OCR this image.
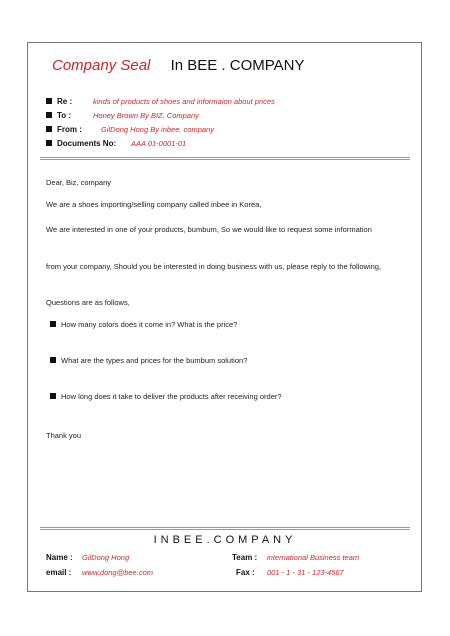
Company Seal In BEE . COMPANY
Re :	kinds of products of shoes and informaion about prices
To :	Honey Brown By BIZ. Company
From :	GilDong Hong By inbee. company
Documents No: AAA 01-0001-01
Dear, Biz, company
We are a shoes importing/selling company called inbee in Korea,
We are interested in one of your products, bumbum, So we would like to request some information
from your company, Should you be interested in doing business with us, please reply to the following,
Questions are as follows,
How many colors does it come in? What is the price?
What are the types and prices for the bumbum solution?
How long does it take to deliver the products after receiving order?
Thank you
INBEE.COMPANY
Name : GilDong Hong	Team : international Business team
email : www.dong@bee.com	Fax : 001 - 1 - 31 - 123-4567
